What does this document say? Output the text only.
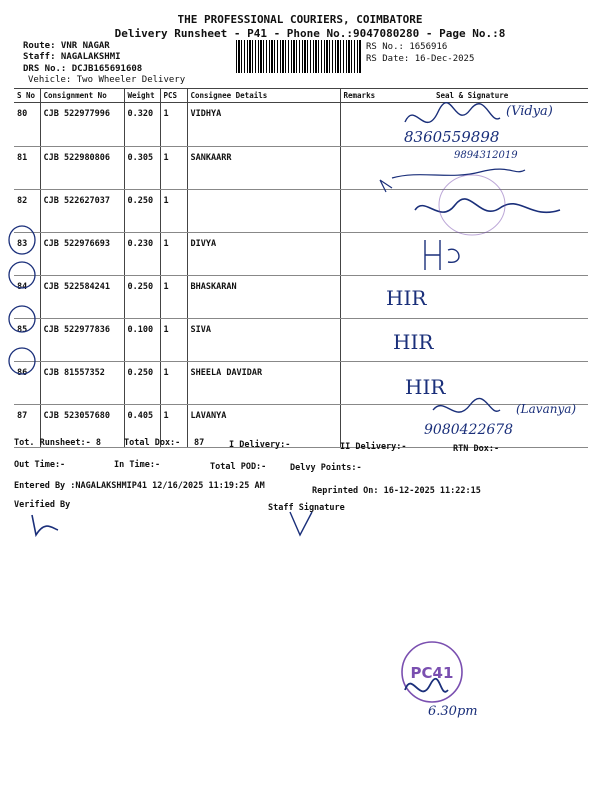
THE PROFESSIONAL COURIERS, COIMBATORE
Delivery Runsheet - P41 - Phone No.:9047080280 - Page No.:8
Route: VNR NAGAR
Staff: NAGALAKSHMI
DRS No.: DCJB165691608
Vehicle: Two Wheeler Delivery
RS No.: 1656916
RS Date: 16-Dec-2025
S No	Consignment No	Weight	PCS	Consignee Details	Remarks	Seal & Signature
80	CJB 522977996	0.320	1	VIDHYA		
81	CJB 522980806	0.305	1	SANKAARR		
82	CJB 522627037	0.250	1			
83	CJB 522976693	0.230	1	DIVYA		
84	CJB 522584241	0.250	1	BHASKARAN		
85	CJB 522977836	0.100	1	SIVA		
86	CJB 81557352	0.250	1	SHEELA DAVIDAR		
87	CJB 523057680	0.405	1	LAVANYA		
Tot. Runsheet:- 8	Total Dox:- 87	I Delivery:-	II Delivery:-	RTN Dox:-
Out Time:-	In Time:-	Total POD:-	Delvy Points:-
Entered By :NAGALAKSHMIP41 12/16/2025 11:19:25 AM	Reprinted On: 16-12-2025 11:22:15
Verified By	Staff Signature
PC41
(Vidya)
8360559898
9894312019
HIR
HIR
HIR
(Lavanya)
9080422678
6.30pm
